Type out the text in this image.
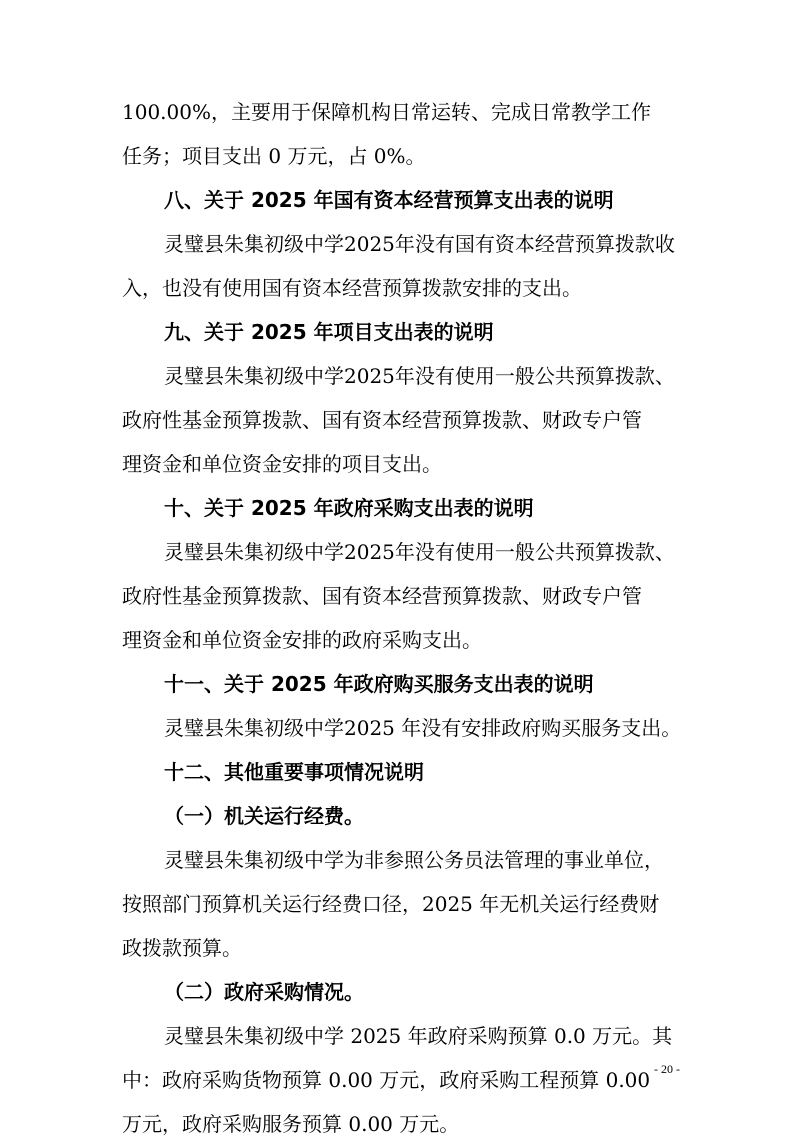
100.00%，主要用于保障机构日常运转、完成日常教学工作

任务；项目支出 0 万元，占 0%。

八、关于 2025 年国有资本经营预算支出表的说明

灵璧县朱集初级中学2025年没有国有资本经营预算拨款收

入，也没有使用国有资本经营预算拨款安排的支出。

九、关于 2025 年项目支出表的说明

灵璧县朱集初级中学2025年没有使用一般公共预算拨款、

政府性基金预算拨款、国有资本经营预算拨款、财政专户管

理资金和单位资金安排的项目支出。

十、关于 2025 年政府采购支出表的说明

灵璧县朱集初级中学2025年没有使用一般公共预算拨款、

政府性基金预算拨款、国有资本经营预算拨款、财政专户管

理资金和单位资金安排的政府采购支出。

十一、关于 2025 年政府购买服务支出表的说明

灵璧县朱集初级中学2025 年没有安排政府购买服务支出。

十二、其他重要事项情况说明

（一）机关运行经费。

灵璧县朱集初级中学为非参照公务员法管理的事业单位，

按照部门预算机关运行经费口径，2025 年无机关运行经费财

政拨款预算。

（二）政府采购情况。

灵璧县朱集初级中学 2025 年政府采购预算 0.0 万元。其

中：政府采购货物预算 0.00 万元，政府采购工程预算 0.00

万元，政府采购服务预算 0.00 万元。

- 20 -
